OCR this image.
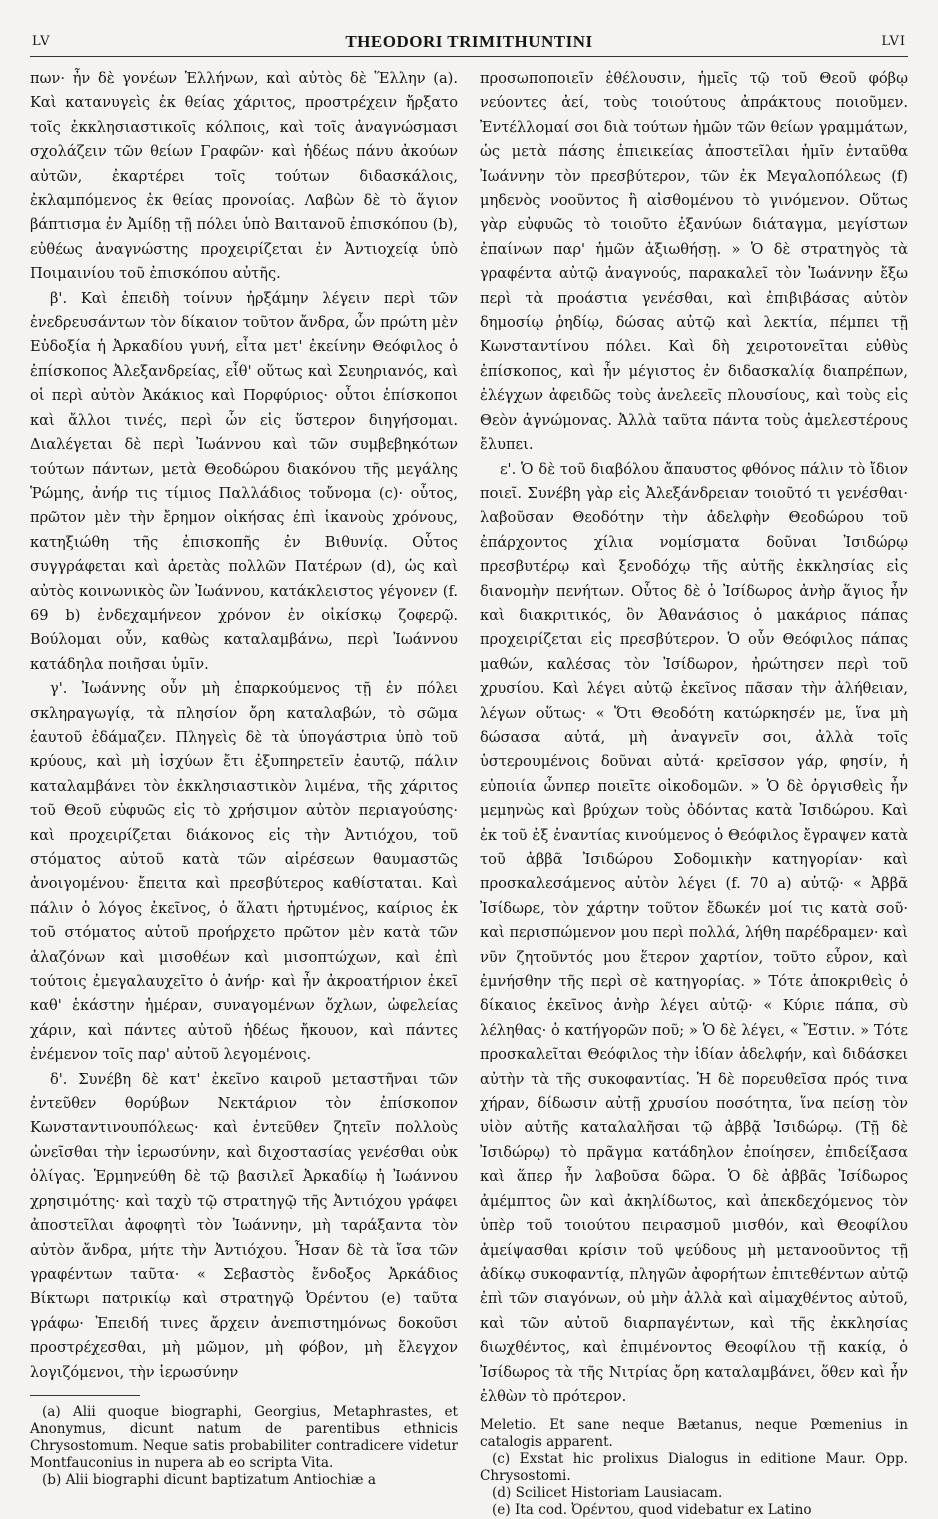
LV	THEODORI TRIMITHUNTINI	LVI

πων· ἦν δὲ γονέων Ἑλλήνων, καὶ αὐτὸς δὲ Ἕλλην (a). Καὶ κατανυγεὶς ἐκ θείας χάριτος, προστρέχειν ἤρξατο τοῖς ἐκκλησιαστικοῖς κόλποις, καὶ τοῖς ἀναγνώσμασι σχολάζειν τῶν θείων Γραφῶν· καὶ ἡδέως πάνυ ἀκούων αὐτῶν, ἐκαρτέρει τοῖς τούτων διδασκάλοις, ἐκλαμπόμενος ἐκ θείας προνοίας. Λαβὼν δὲ τὸ ἅγιον βάπτισμα ἐν Ἀμίδῃ τῇ πόλει ὑπὸ Βαιτανοῦ ἐπισκόπου (b), εὐθέως ἀναγνώστης προχειρίζεται ἐν Ἀντιοχείᾳ ὑπὸ Ποιμαινίου τοῦ ἐπισκόπου αὐτῆς.

β'. Καὶ ἐπειδὴ τοίνυν ἠρξάμην λέγειν περὶ τῶν ἐνεδρευσάντων τὸν δίκαιον τοῦτον ἄνδρα, ὧν πρώτη μὲν Εὐδοξία ἡ Ἀρκαδίου γυνή, εἶτα μετ' ἐκείνην Θεόφιλος ὁ ἐπίσκοπος Ἀλεξανδρείας, εἶθ' οὕτως καὶ Σευηριανός, καὶ οἱ περὶ αὐτὸν Ἀκάκιος καὶ Πορφύριος· οὗτοι ἐπίσκοποι καὶ ἄλλοι τινές, περὶ ὧν εἰς ὕστερον διηγήσομαι. Διαλέγεται δὲ περὶ Ἰωάννου καὶ τῶν συμβεβηκότων τούτων πάντων, μετὰ Θεοδώρου διακόνου τῆς μεγάλης Ῥώμης, ἀνήρ τις τίμιος Παλλάδιος τοὔνομα (c)· οὗτος, πρῶτον μὲν τὴν ἔρημον οἰκήσας ἐπὶ ἱκανοὺς χρόνους, κατηξιώθη τῆς ἐπισκοπῆς ἐν Βιθυνίᾳ. Οὗτος συγγράφεται καὶ ἀρετὰς πολλῶν Πατέρων (d), ὡς καὶ αὐτὸς κοινωνικὸς ὢν Ἰωάννου, κατάκλειστος γέγονεν (f. 69 b) ἐνδεχαμήνεον χρόνον ἐν οἰκίσκῳ ζοφερῷ. Βούλομαι οὖν, καθὼς καταλαμβάνω, περὶ Ἰωάννου κατάδηλα ποιῆσαι ὑμῖν.

γ'. Ἰωάννης οὖν μὴ ἐπαρκούμενος τῇ ἐν πόλει σκληραγωγίᾳ, τὰ πλησίον ὄρη καταλαβών, τὸ σῶμα ἑαυτοῦ ἐδάμαζεν. Πληγεὶς δὲ τὰ ὑπογάστρια ὑπὸ τοῦ κρύους, καὶ μὴ ἰσχύων ἔτι ἐξυπηρετεῖν ἑαυτῷ, πάλιν καταλαμβάνει τὸν ἐκκλησιαστικὸν λιμένα, τῆς χάριτος τοῦ Θεοῦ εὐφυῶς εἰς τὸ χρήσιμον αὐτὸν περιαγούσης· καὶ προχειρίζεται διάκονος εἰς τὴν Ἀντιόχου, τοῦ στόματος αὐτοῦ κατὰ τῶν αἱρέσεων θαυμαστῶς ἀνοιγομένου· ἔπειτα καὶ πρεσβύτερος καθίσταται. Καὶ πάλιν ὁ λόγος ἐκεῖνος, ὁ ἅλατι ἠρτυμένος, καίριος ἐκ τοῦ στόματος αὐτοῦ προήρχετο πρῶτον μὲν κατὰ τῶν ἀλαζόνων καὶ μισοθέων καὶ μισοπτώχων, καὶ ἐπὶ τούτοις ἐμεγαλαυχεῖτο ὁ ἀνήρ· καὶ ἦν ἀκροατήριον ἐκεῖ καθ' ἑκάστην ἡμέραν, συναγομένων ὄχλων, ὠφελείας χάριν, καὶ πάντες αὐτοῦ ἡδέως ἤκουον, καὶ πάντες ἐνέμενον τοῖς παρ' αὐτοῦ λεγομένοις.

δ'. Συνέβη δὲ κατ' ἐκεῖνο καιροῦ μεταστῆναι τῶν ἐντεῦθεν θορύβων Νεκτάριον τὸν ἐπίσκοπον Κωνσταντινουπόλεως· καὶ ἐντεῦθεν ζητεῖν πολλοὺς ὠνεῖσθαι τὴν ἱερωσύνην, καὶ διχοστασίας γενέσθαι οὐκ ὀλίγας. Ἑρμηνεύθη δὲ τῷ βασιλεῖ Ἀρκαδίῳ ἡ Ἰωάννου χρησιμότης· καὶ ταχὺ τῷ στρατηγῷ τῆς Ἀντιόχου γράφει ἀποστεῖλαι ἀφοφητὶ τὸν Ἰωάννην, μὴ ταράξαντα τὸν αὐτὸν ἄνδρα, μήτε τὴν Ἀντιόχου. Ἦσαν δὲ τὰ ἴσα τῶν γραφέντων ταῦτα· « Σεβαστὸς ἔνδοξος Ἀρκάδιος Βίκτωρι πατρικίῳ καὶ στρατηγῷ Ὀρέντου (e) ταῦτα γράφω· Ἐπειδή τινες ἄρχειν ἀνεπιστημόνως δοκοῦσι προστρέχεσθαι, μὴ μῶμον, μὴ φόβον, μὴ ἔλεγχον λογιζόμενοι, τὴν ἱερωσύνην

(a) Alii quoque biographi, Georgius, Metaphrastes, et Anonymus, dicunt natum de parentibus ethnicis Chrysostomum. Neque satis probabiliter contradicere videtur Montfauconius in nupera ab eo scripta Vita.

(b) Alii biographi dicunt baptizatum Antiochiæ a

προσωποποιεῖν ἐθέλουσιν, ἡμεῖς τῷ τοῦ Θεοῦ φόβῳ νεύοντες ἀεί, τοὺς τοιούτους ἀπράκτους ποιοῦμεν. Ἐντέλλομαί σοι διὰ τούτων ἡμῶν τῶν θείων γραμμάτων, ὡς μετὰ πάσης ἐπιεικείας ἀποστεῖλαι ἡμῖν ἐνταῦθα Ἰωάννην τὸν πρεσβύτερον, τῶν ἐκ Μεγαλοπόλεως (f) μηδενὸς νοοῦντος ἢ αἰσθομένου τὸ γινόμενον. Οὕτως γὰρ εὐφυῶς τὸ τοιοῦτο ἐξανύων διάταγμα, μεγίστων ἐπαίνων παρ' ἡμῶν ἀξιωθήσῃ. » Ὁ δὲ στρατηγὸς τὰ γραφέντα αὐτῷ ἀναγνούς, παρακαλεῖ τὸν Ἰωάννην ἔξω περὶ τὰ προάστια γενέσθαι, καὶ ἐπιβιβάσας αὐτὸν δημοσίῳ ῥηδίῳ, δώσας αὐτῷ καὶ λεκτία, πέμπει τῇ Κωνσταντίνου πόλει. Καὶ δὴ χειροτονεῖται εὐθὺς ἐπίσκοπος, καὶ ἦν μέγιστος ἐν διδασκαλίᾳ διαπρέπων, ἐλέγχων ἀφειδῶς τοὺς ἀνελεεῖς πλουσίους, καὶ τοὺς εἰς Θεὸν ἀγνώμονας. Ἀλλὰ ταῦτα πάντα τοὺς ἀμελεστέρους ἔλυπει.

ε'. Ὁ δὲ τοῦ διαβόλου ἄπαυστος φθόνος πάλιν τὸ ἴδιον ποιεῖ. Συνέβη γὰρ εἰς Ἀλεξάνδρειαν τοιοῦτό τι γενέσθαι· λαβοῦσαν Θεοδότην τὴν ἀδελφὴν Θεοδώρου τοῦ ἐπάρχοντος χίλια νομίσματα δοῦναι Ἰσιδώρῳ πρεσβυτέρῳ καὶ ξενοδόχῳ τῆς αὐτῆς ἐκκλησίας εἰς διανομὴν πενήτων. Οὗτος δὲ ὁ Ἰσίδωρος ἀνὴρ ἅγιος ἦν καὶ διακριτικός, ὃν Ἀθανάσιος ὁ μακάριος πάπας προχειρίζεται εἰς πρεσβύτερον. Ὁ οὖν Θεόφιλος πάπας μαθών, καλέσας τὸν Ἰσίδωρον, ἠρώτησεν περὶ τοῦ χρυσίου. Καὶ λέγει αὐτῷ ἐκεῖνος πᾶσαν τὴν ἀλήθειαν, λέγων οὕτως· « Ὅτι Θεοδότη κατώρκησέν με, ἵνα μὴ δώσασα αὐτά, μὴ ἀναγνεῖν σοι, ἀλλὰ τοῖς ὑστερουμένοις δοῦναι αὐτά· κρεῖσσον γάρ, φησίν, ἡ εὐποιία ὧνπερ ποιεῖτε οἰκοδομῶν. » Ὁ δὲ ὀργισθεὶς ἦν μεμηνὼς καὶ βρύχων τοὺς ὀδόντας κατὰ Ἰσιδώρου. Καὶ ἐκ τοῦ ἐξ ἐναντίας κινούμενος ὁ Θεόφιλος ἔγραψεν κατὰ τοῦ ἀββᾶ Ἰσιδώρου Σοδομικὴν κατηγορίαν· καὶ προσκαλεσάμενος αὐτὸν λέγει (f. 70 a) αὐτῷ· « Ἀββᾶ Ἰσίδωρε, τὸν χάρτην τοῦτον ἔδωκέν μοί τις κατὰ σοῦ· καὶ περισπώμενον μου περὶ πολλά, λήθη παρέδραμεν· καὶ νῦν ζητοῦντός μου ἕτερον χαρτίον, τοῦτο εὗρον, καὶ ἐμνήσθην τῆς περὶ σὲ κατηγορίας. » Τότε ἀποκριθεὶς ὁ δίκαιος ἐκεῖνος ἀνὴρ λέγει αὐτῷ· « Κύριε πάπα, σὺ λέληθας· ὁ κατήγορῶν ποῦ; » Ὁ δὲ λέγει, « Ἔστιν. » Τότε προσκαλεῖται Θεόφιλος τὴν ἰδίαν ἀδελφήν, καὶ διδάσκει αὐτὴν τὰ τῆς συκοφαντίας. Ἡ δὲ πορευθεῖσα πρός τινα χήραν, δίδωσιν αὐτῇ χρυσίου ποσότητα, ἵνα πείσῃ τὸν υἱὸν αὐτῆς καταλαλῆσαι τῷ ἀββᾷ Ἰσιδώρῳ. (Τῇ δὲ Ἰσιδώρῳ) τὸ πρᾶγμα κατάδηλον ἐποίησεν, ἐπιδείξασα καὶ ἅπερ ἦν λαβοῦσα δῶρα. Ὁ δὲ ἀββᾶς Ἰσίδωρος ἀμέμπτος ὢν καὶ ἀκηλίδωτος, καὶ ἀπεκδεχόμενος τὸν ὑπὲρ τοῦ τοιούτου πειρασμοῦ μισθόν, καὶ Θεοφίλου ἀμείψασθαι κρίσιν τοῦ ψεύδους μὴ μετανοοῦντος τῇ ἀδίκῳ συκοφαντίᾳ, πληγῶν ἀφορήτων ἐπιτεθέντων αὐτῷ ἐπὶ τῶν σιαγόνων, οὐ μὴν ἀλλὰ καὶ αἱμαχθέντος αὐτοῦ, καὶ τῶν αὐτοῦ διαρπαγέντων, καὶ τῆς ἐκκλησίας διωχθέντος, καὶ ἐπιμένοντος Θεοφίλου τῇ κακίᾳ, ὁ Ἰσίδωρος τὰ τῆς Νιτρίας ὄρη καταλαμβάνει, ὅθεν καὶ ἦν ἐλθὼν τὸ πρότερον.

Meletio. Et sane neque Bætanus, neque Pœmenius in catalogis apparent.

(c) Exstat hic prolixus Dialogus in editione Maur. Opp. Chrysostomi.

(d) Scilicet Historiam Lausiacam.

(e) Ita cod. Ὀρέντου, quod videbatur ex Latino
